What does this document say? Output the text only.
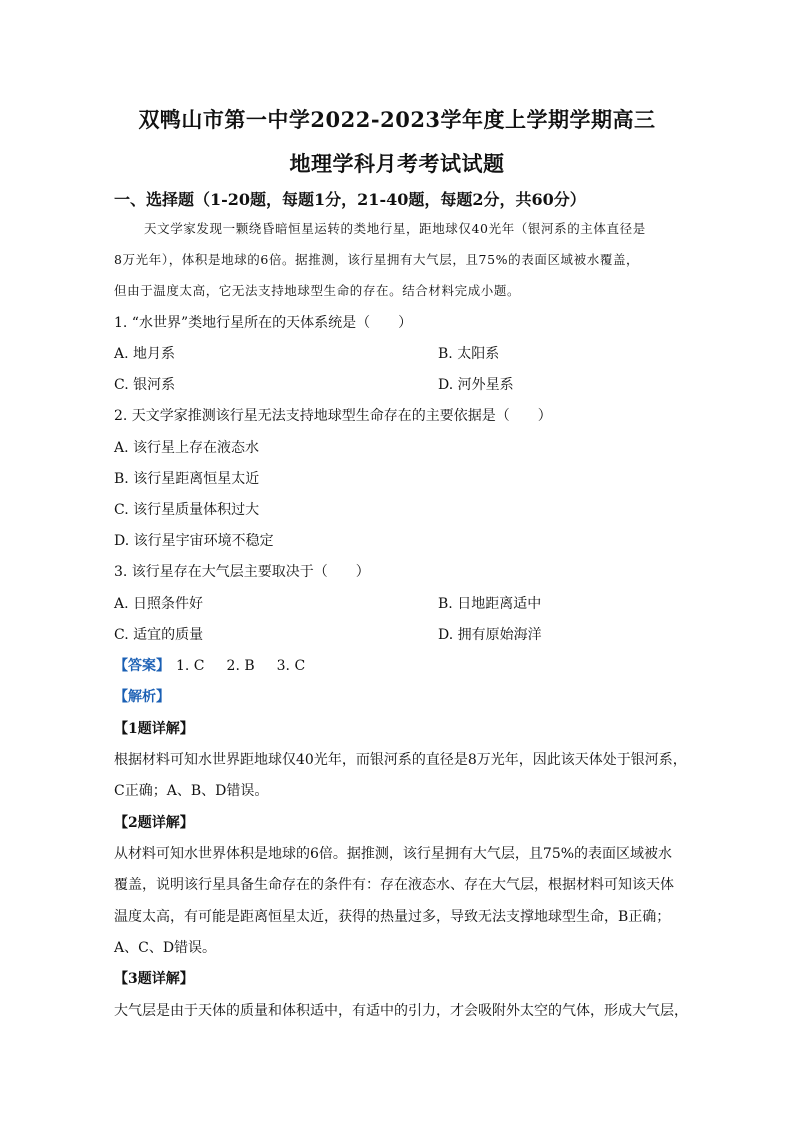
双鸭山市第一中学2022-2023学年度上学期学期高三
地理学科月考考试试题
一、选择题（1-20题，每题1分，21-40题，每题2分，共60分）
天文学家发现一颗绕昏暗恒星运转的类地行星，距地球仅40光年（银河系的主体直径是
8万光年），体积是地球的6倍。据推测，该行星拥有大气层，且75%的表面区域被水覆盖，
但由于温度太高，它无法支持地球型生命的存在。结合材料完成小题。
1. “水世界”类地行星所在的天体系统是（　　）
A. 地月系	B. 太阳系
C. 银河系	D. 河外星系
2. 天文学家推测该行星无法支持地球型生命存在的主要依据是（　　）
A. 该行星上存在液态水
B. 该行星距离恒星太近
C. 该行星质量体积过大
D. 该行星宇宙环境不稳定
3. 该行星存在大气层主要取决于（　　）
A. 日照条件好	B. 日地距离适中
C. 适宜的质量	D. 拥有原始海洋
【答案】 1. C 2. B 3. C
【解析】
【1题详解】
根据材料可知水世界距地球仅40光年，而银河系的直径是8万光年，因此该天体处于银河系，
C正确；A、B、D错误。
【2题详解】
从材料可知水世界体积是地球的6倍。据推测，该行星拥有大气层，且75%的表面区域被水
覆盖，说明该行星具备生命存在的条件有：存在液态水、存在大气层，根据材料可知该天体
温度太高，有可能是距离恒星太近，获得的热量过多，导致无法支撑地球型生命，B正确；
A、C、D错误。
【3题详解】
大气层是由于天体的质量和体积适中，有适中的引力，才会吸附外太空的气体，形成大气层，
